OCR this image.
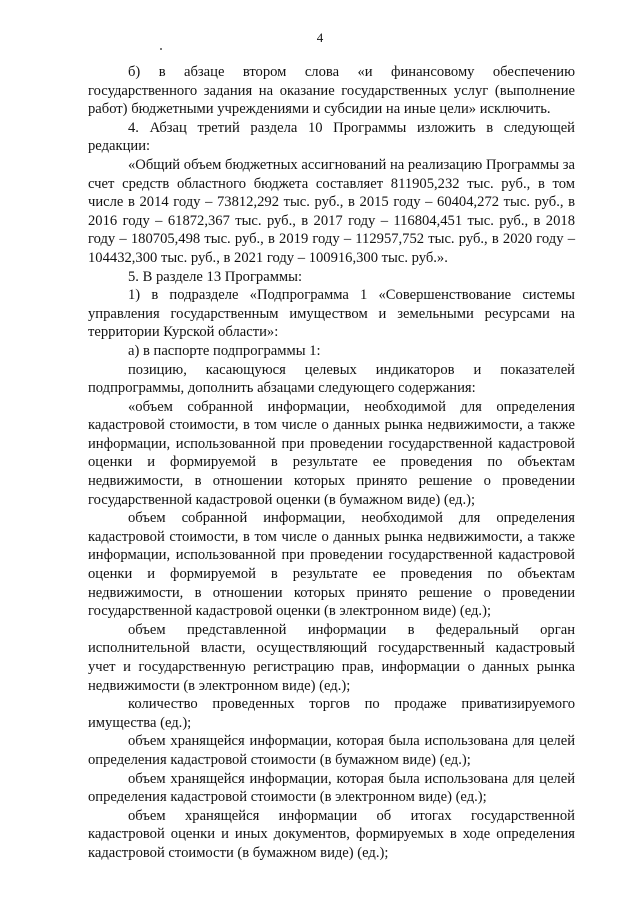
4

б) в абзаце втором слова «и финансовому обеспечению государственного задания на оказание государственных услуг (выполнение работ) бюджетными учреждениями и субсидии на иные цели» исключить.

4. Абзац третий раздела 10 Программы изложить в следующей редакции:

«Общий объем бюджетных ассигнований на реализацию Программы за счет средств областного бюджета составляет 811905,232 тыс. руб., в том числе в 2014 году – 73812,292 тыс. руб., в 2015 году – 60404,272 тыс. руб., в 2016 году – 61872,367 тыс. руб., в 2017 году – 116804,451 тыс. руб., в 2018 году – 180705,498 тыс. руб., в 2019 году – 112957,752 тыс. руб., в 2020 году – 104432,300 тыс. руб., в 2021 году – 100916,300 тыс. руб.».

5. В разделе 13 Программы:

1) в подразделе «Подпрограмма 1 «Совершенствование системы управления государственным имуществом и земельными ресурсами на территории Курской области»:

а) в паспорте подпрограммы 1:

позицию, касающуюся целевых индикаторов и показателей подпрограммы, дополнить абзацами следующего содержания:

«объем собранной информации, необходимой для определения кадастровой стоимости, в том числе о данных рынка недвижимости, а также информации, использованной при проведении государственной кадастровой оценки и формируемой в результате ее проведения по объектам недвижимости, в отношении которых принято решение о проведении государственной кадастровой оценки (в бумажном виде) (ед.);

объем собранной информации, необходимой для определения кадастровой стоимости, в том числе о данных рынка недвижимости, а также информации, использованной при проведении государственной кадастровой оценки и формируемой в результате ее проведения по объектам недвижимости, в отношении которых принято решение о проведении государственной кадастровой оценки (в электронном виде) (ед.);

объем представленной информации в федеральный орган исполнительной власти, осуществляющий государственный кадастровый учет и государственную регистрацию прав, информации о данных рынка недвижимости (в электронном виде) (ед.);

количество проведенных торгов по продаже приватизируемого имущества (ед.);

объем хранящейся информации, которая была использована для целей определения кадастровой стоимости (в бумажном виде) (ед.);

объем хранящейся информации, которая была использована для целей определения кадастровой стоимости (в электронном виде) (ед.);

объем хранящейся информации об итогах государственной кадастровой оценки и иных документов, формируемых в ходе определения кадастровой стоимости (в бумажном виде) (ед.);
